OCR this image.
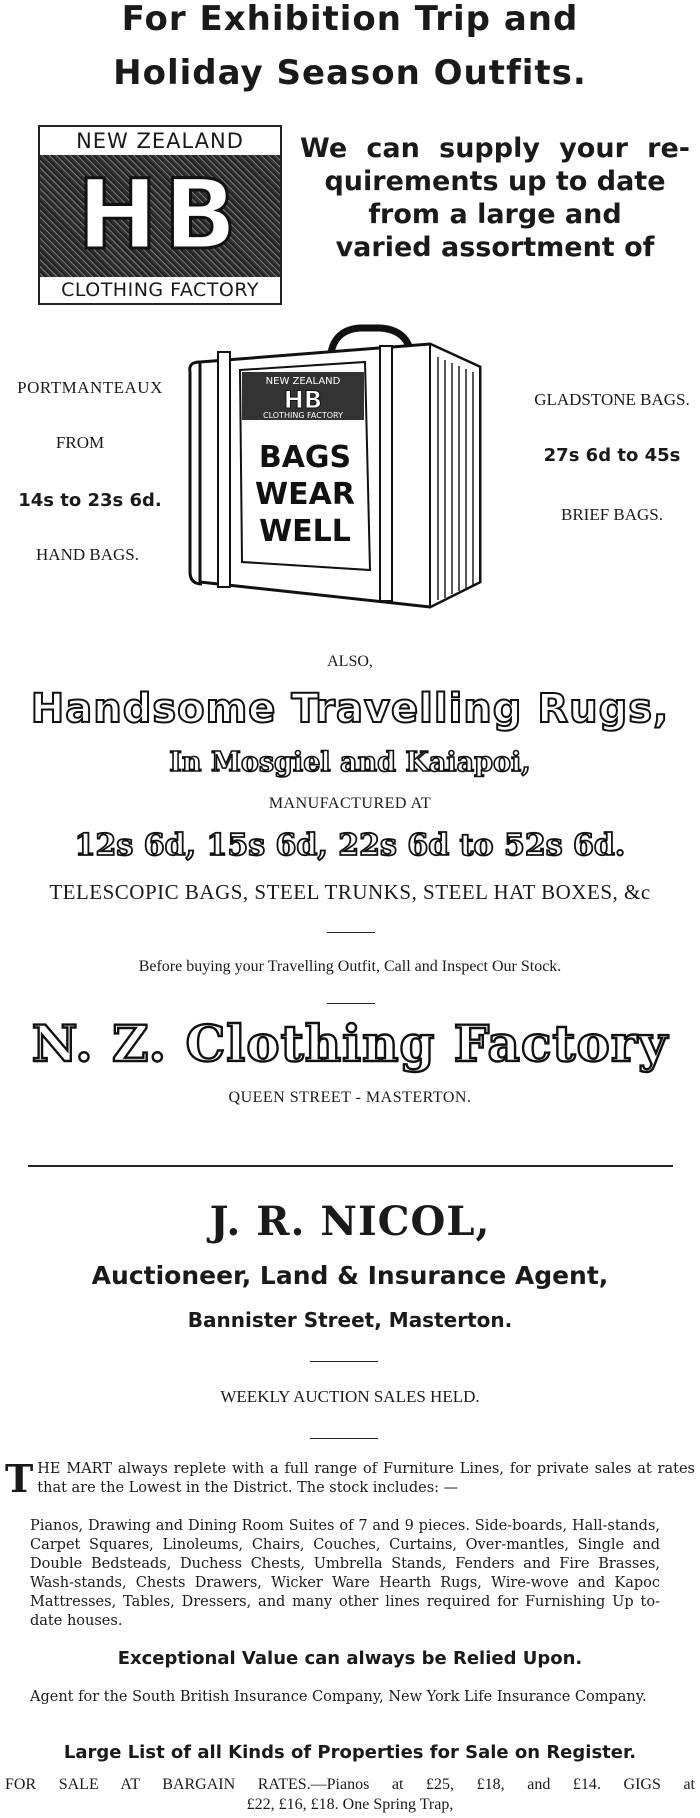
For Exhibition Trip and
Holiday Season Outfits.
NEW ZEALAND
HB
CLOTHING FACTORY
We can supply your re-
quirements up to date
from a large and
varied assortment of
PORTMANTEAUX
FROM
14s to 23s 6d.
HAND BAGS.
GLADSTONE BAGS.
27s 6d to 45s
BRIEF BAGS.
NEW ZEALAND
HB
CLOTHING FACTORY
BAGS
WEAR
WELL
ALSO,
Handsome Travelling Rugs,
In Mosgiel and Kaiapoi,
MANUFACTURED AT
12s 6d, 15s 6d, 22s 6d to 52s 6d.
TELESCOPIC BAGS, STEEL TRUNKS, STEEL HAT BOXES, &c
Before buying your Travelling Outfit, Call and Inspect Our Stock.
N. Z. Clothing Factory
QUEEN STREET - MASTERTON.
J. R. NICOL,
Auctioneer, Land & Insurance Agent,
Bannister Street, Masterton.
WEEKLY AUCTION SALES HELD.
THE MART always replete with a full range of Furniture Lines, for private sales at rates that are the Lowest in the District. The stock includes: —
Pianos, Drawing and Dining Room Suites of 7 and 9 pieces. Side-boards, Hall-stands, Carpet Squares, Linoleums, Chairs, Couches, Curtains, Over-mantles, Single and Double Bedsteads, Duchess Chests, Umbrella Stands, Fenders and Fire Brasses, Wash-stands, Chests Drawers, Wicker Ware Hearth Rugs, Wire-wove and Kapoc Mattresses, Tables, Dressers, and many other lines required for Furnishing Up to-date houses.
Exceptional Value can always be Relied Upon.
Agent for the South British Insurance Company, New York Life Insurance Company.
Large List of all Kinds of Properties for Sale on Register.
FOR SALE AT BARGAIN RATES.—Pianos at £25, £18, and £14. GIGS at
£22, £16, £18. One Spring Trap,
